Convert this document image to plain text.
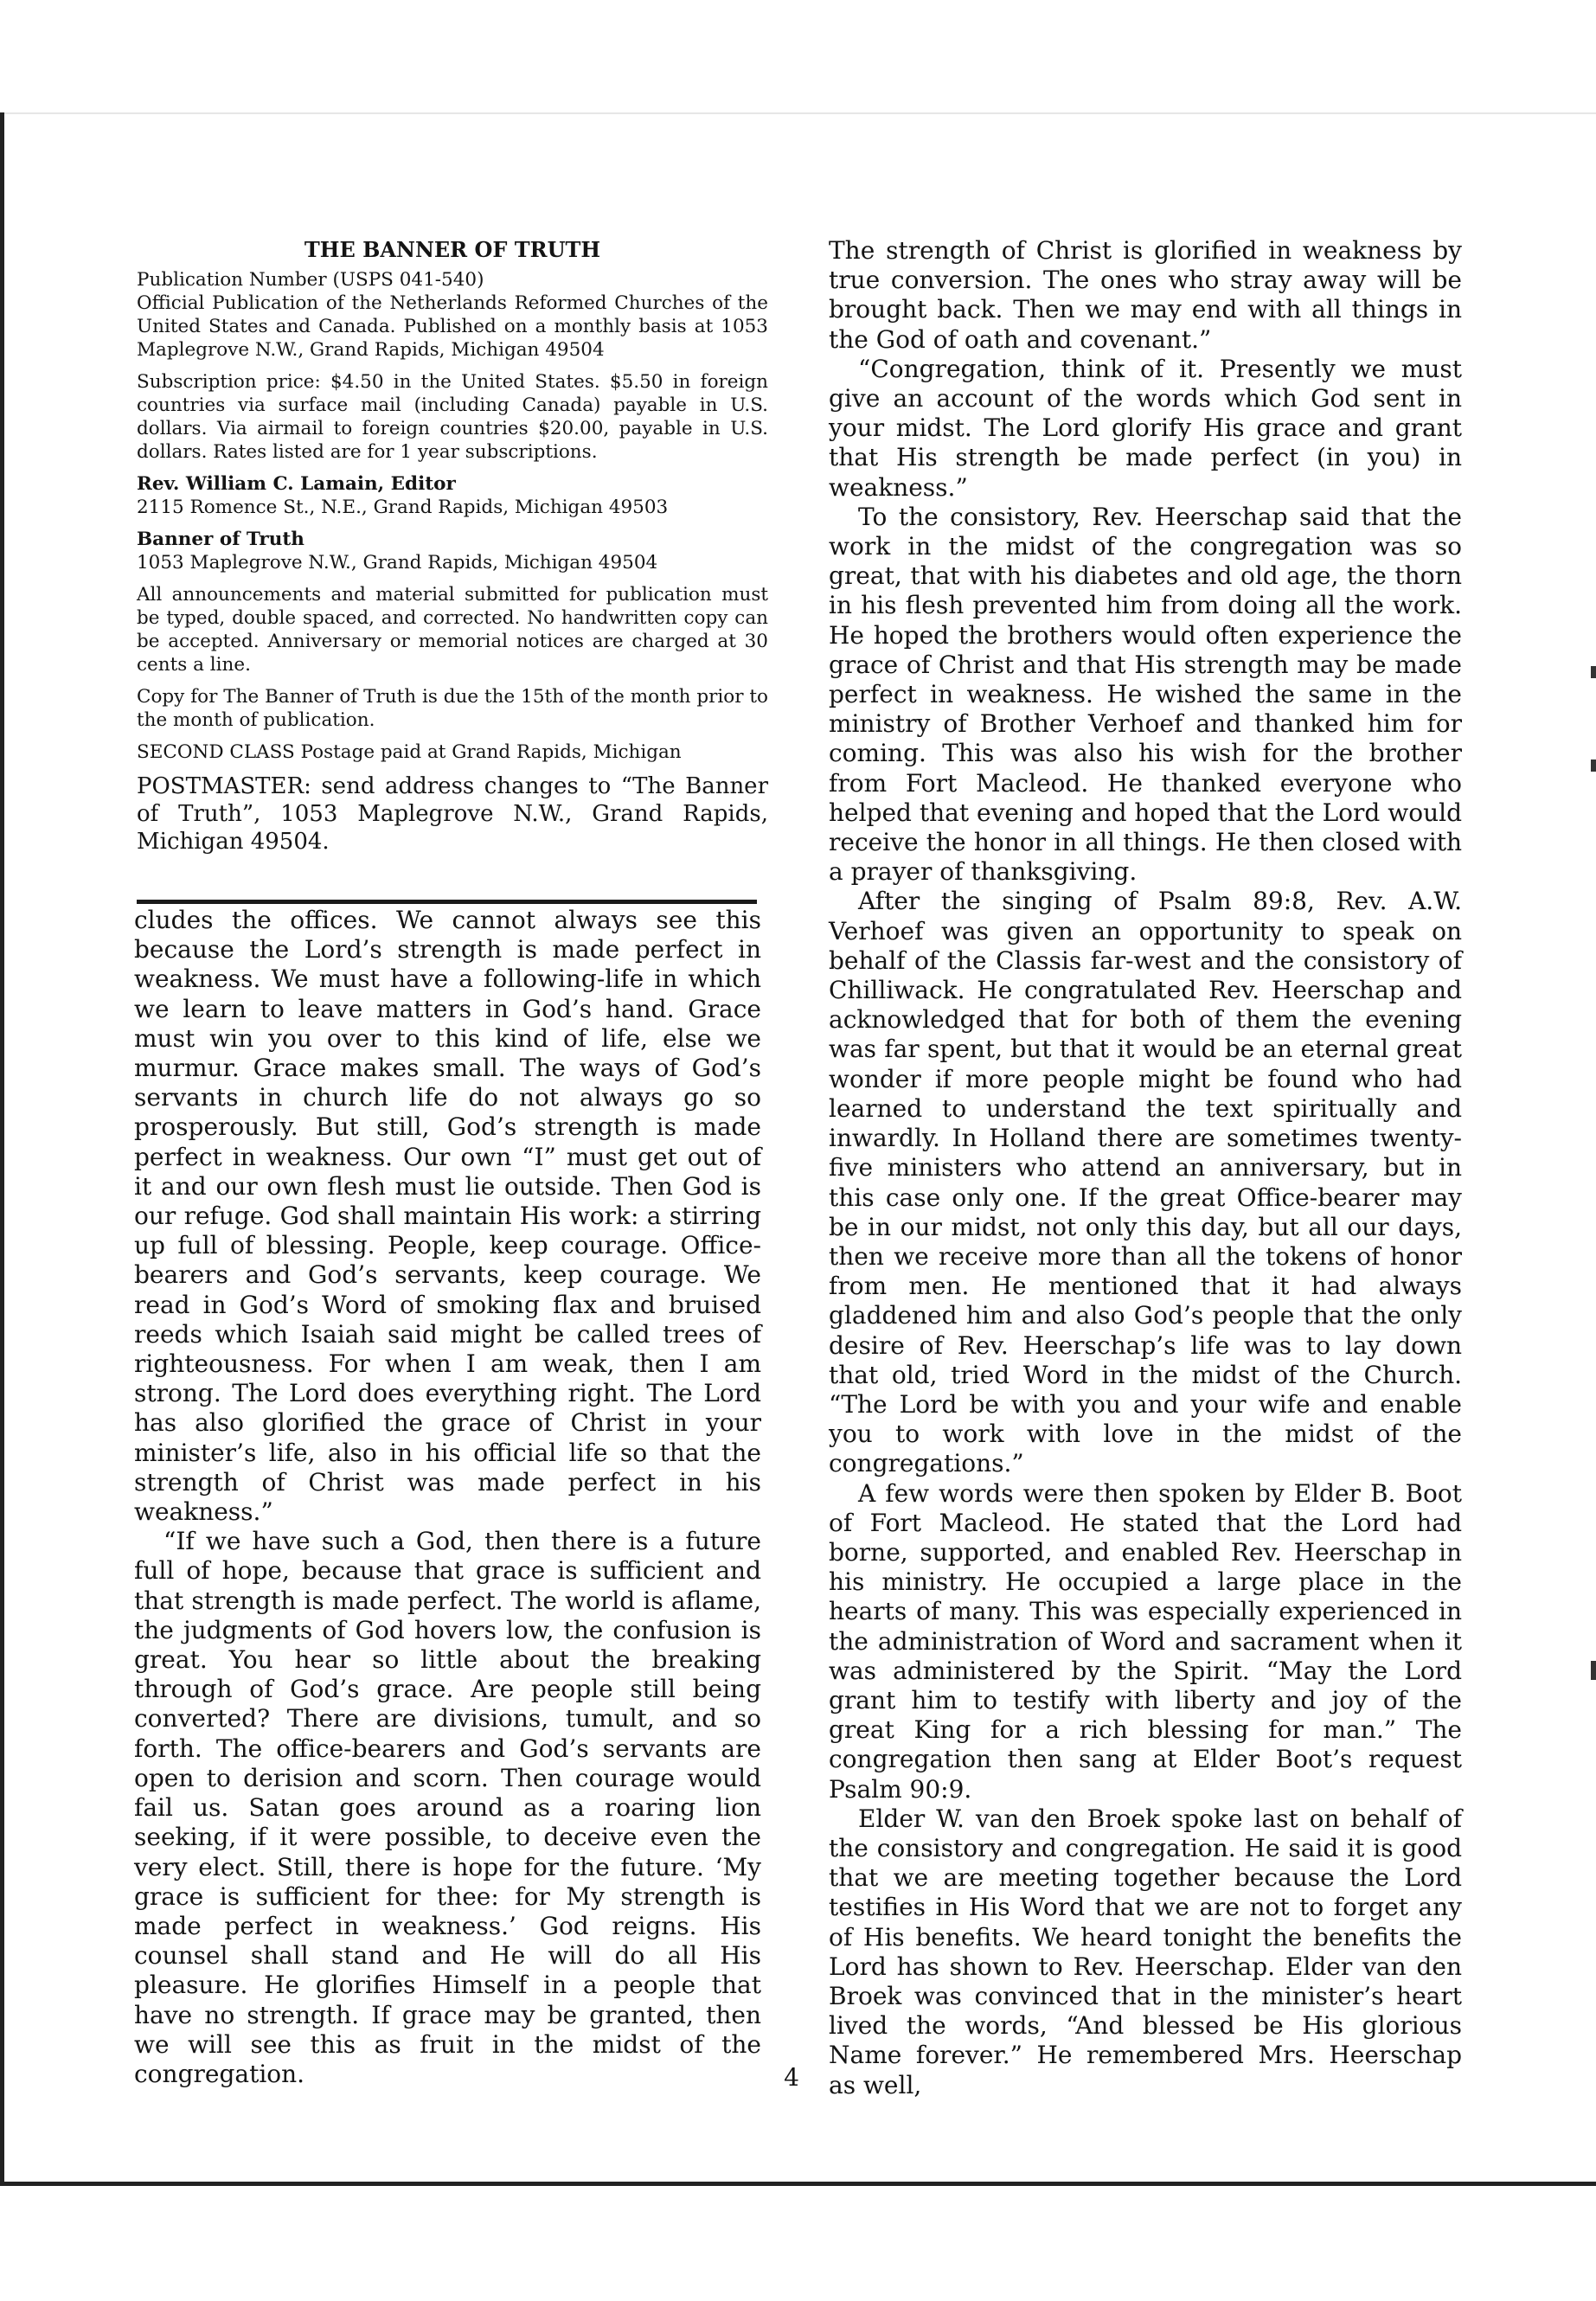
THE BANNER OF TRUTH

Publication Number (USPS 041-540)

Official Publication of the Netherlands Reformed Churches of the United States and Canada. Published on a monthly basis at 1053 Maplegrove N.W., Grand Rapids, Michigan 49504

Subscription price: $4.50 in the United States. $5.50 in foreign countries via surface mail (including Canada) payable in U.S. dollars. Via airmail to foreign countries $20.00, payable in U.S. dollars. Rates listed are for 1 year subscriptions.

Rev. William C. Lamain, Editor

2115 Romence St., N.E., Grand Rapids, Michigan 49503

Banner of Truth

1053 Maplegrove N.W., Grand Rapids, Michigan 49504

All announcements and material submitted for publication must be typed, double spaced, and corrected. No handwritten copy can be accepted. Anniversary or memorial notices are charged at 30 cents a line.

Copy for The Banner of Truth is due the 15th of the month prior to the month of publication.

SECOND CLASS Postage paid at Grand Rapids, Michigan

POSTMASTER: send address changes to “The Banner of Truth”, 1053 Maplegrove N.W., Grand Rapids, Michigan 49504.

cludes the offices. We cannot always see this because the Lord’s strength is made perfect in weakness. We must have a following-life in which we learn to leave matters in God’s hand. Grace must win you over to this kind of life, else we murmur. Grace makes small. The ways of God’s servants in church life do not always go so prosperously. But still, God’s strength is made perfect in weakness. Our own “I” must get out of it and our own flesh must lie outside. Then God is our refuge. God shall maintain His work: a stirring up full of blessing. People, keep courage. Office-bearers and God’s servants, keep courage. We read in God’s Word of smoking flax and bruised reeds which Isaiah said might be called trees of righteousness. For when I am weak, then I am strong. The Lord does everything right. The Lord has also glorified the grace of Christ in your minister’s life, also in his official life so that the strength of Christ was made perfect in his weakness.”

“If we have such a God, then there is a future full of hope, because that grace is sufficient and that strength is made perfect. The world is aflame, the judgments of God hovers low, the confusion is great. You hear so little about the breaking through of God’s grace. Are people still being converted? There are divisions, tumult, and so forth. The office-bearers and God’s servants are open to derision and scorn. Then courage would fail us. Satan goes around as a roaring lion seeking, if it were possible, to deceive even the very elect. Still, there is hope for the future. ‘My grace is sufficient for thee: for My strength is made perfect in weakness.’ God reigns. His counsel shall stand and He will do all His pleasure. He glorifies Himself in a people that have no strength. If grace may be granted, then we will see this as fruit in the midst of the congregation.

The strength of Christ is glorified in weakness by true conversion. The ones who stray away will be brought back. Then we may end with all things in the God of oath and covenant.”

“Congregation, think of it. Presently we must give an account of the words which God sent in your midst. The Lord glorify His grace and grant that His strength be made perfect (in you) in weakness.”

To the consistory, Rev. Heerschap said that the work in the midst of the congregation was so great, that with his diabetes and old age, the thorn in his flesh prevented him from doing all the work. He hoped the brothers would often experience the grace of Christ and that His strength may be made perfect in weakness. He wished the same in the ministry of Brother Verhoef and thanked him for coming. This was also his wish for the brother from Fort Macleod. He thanked everyone who helped that evening and hoped that the Lord would receive the honor in all things. He then closed with a prayer of thanksgiving.

After the singing of Psalm 89:8, Rev. A.W. Verhoef was given an opportunity to speak on behalf of the Classis far-west and the consistory of Chilliwack. He congratulated Rev. Heerschap and acknowledged that for both of them the evening was far spent, but that it would be an eternal great wonder if more people might be found who had learned to understand the text spiritually and inwardly. In Holland there are sometimes twenty-five ministers who attend an anniversary, but in this case only one. If the great Office-bearer may be in our midst, not only this day, but all our days, then we receive more than all the tokens of honor from men. He mentioned that it had always gladdened him and also God’s people that the only desire of Rev. Heerschap’s life was to lay down that old, tried Word in the midst of the Church. “The Lord be with you and your wife and enable you to work with love in the midst of the congregations.”

A few words were then spoken by Elder B. Boot of Fort Macleod. He stated that the Lord had borne, supported, and enabled Rev. Heerschap in his ministry. He occupied a large place in the hearts of many. This was especially experienced in the administration of Word and sacrament when it was administered by the Spirit. “May the Lord grant him to testify with liberty and joy of the great King for a rich blessing for man.” The congregation then sang at Elder Boot’s request Psalm 90:9.

Elder W. van den Broek spoke last on behalf of the consistory and congregation. He said it is good that we are meeting together because the Lord testifies in His Word that we are not to forget any of His benefits. We heard tonight the benefits the Lord has shown to Rev. Heerschap. Elder van den Broek was convinced that in the minister’s heart lived the words, “And blessed be His glorious Name forever.” He remembered Mrs. Heerschap as well,

4
